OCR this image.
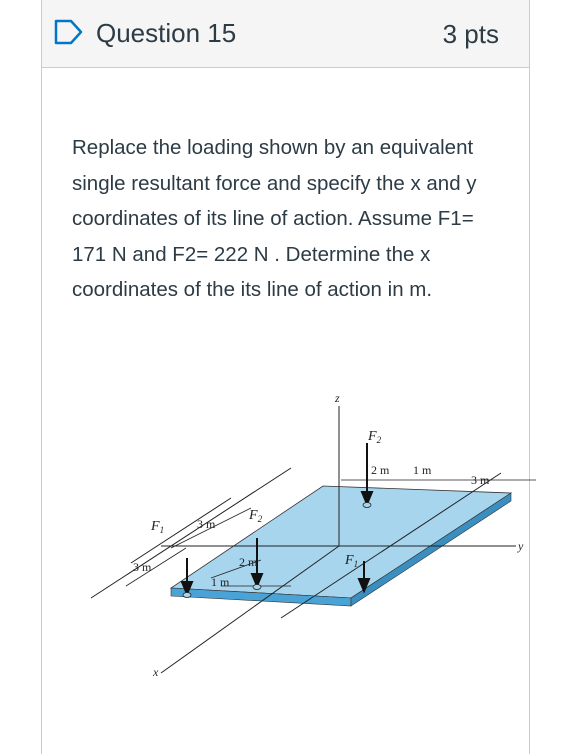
Question 15	3 pts
Replace the loading shown by an equivalent single resultant force and specify the x and y coordinates of its line of action. Assume F1= 171 N and F2= 222 N . Determine the x coordinates of the its line of action in m.
z
x
y
$F_2$
$F_2$
$F_1$
$F_1$
2 m 1 m
3 m
3 m
3 m	2 m
1 m
